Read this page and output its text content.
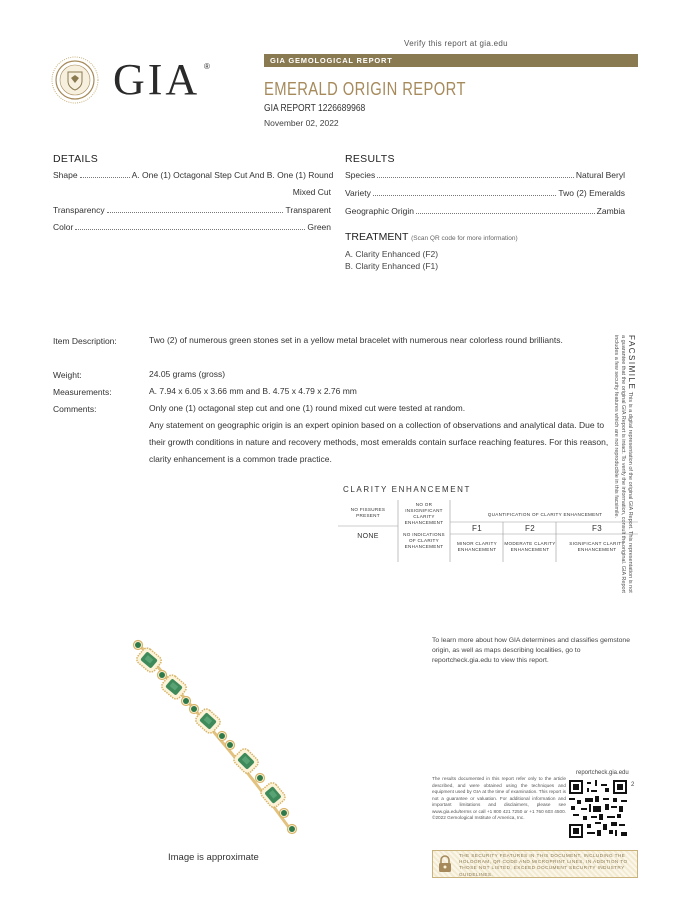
Verify this report at gia.edu
GIA ®
GIA GEMOLOGICAL REPORT
EMERALD ORIGIN REPORT
GIA REPORT 1226689968
November 02, 2022
DETAILS
Shape	A. One (1) Octagonal Step Cut And B. One (1) Round
Mixed Cut
Transparency	Transparent
Color	Green
RESULTS
Species	Natural Beryl
Variety	Two (2) Emeralds
Geographic Origin	Zambia
TREATMENT (Scan QR code for more information)
A. Clarity Enhanced (F2)
B. Clarity Enhanced (F1)
Item Description:	Two (2) of numerous green stones set in a yellow metal bracelet with numerous near colorless round brilliants.
Weight:	24.05 grams (gross)
Measurements:	A. 7.94 x 6.05 x 3.66 mm and B. 4.75 x 4.79 x 2.76 mm
Comments:	Only one (1) octagonal step cut and one (1) round mixed cut were tested at random.
Any statement on geographic origin is an expert opinion based on a collection of observations and analytical data. Due to their growth conditions in nature and recovery methods, most emeralds contain surface reaching features. For this reason, clarity enhancement is a common trade practice.
CLARITY ENHANCEMENT
NO FISSURES PRESENT
NO OR INSIGNIFICANT CLARITY ENHANCEMENT
QUANTIFICATION OF CLARITY ENHANCEMENT
F1	F2	F3
NONE	NO INDICATIONS OF CLARITY ENHANCEMENT
MINOR CLARITY ENHANCEMENT
MODERATE CLARITY ENHANCEMENT
SIGNIFICANT CLARITY ENHANCEMENT
FACSIMILE This is a digital representation of the original GIA Report. This representation is not a guarantee that the original GIA Report is intact. To verify the information, consult the original. GIA Report includes a few security features which are not reproducible in this facsimile.
Image is approximate
To learn more about how GIA determines and classifies gemstone origin, as well as maps describing localities, go to reportcheck.gia.edu to view this report.
The results documented in this report refer only to the article described, and were obtained using the techniques and equipment used by GIA at the time of examination. This report is not a guarantee or valuation. For additional information and important limitations and disclaimers, please see www.gia.edu/terms or call +1 800 421 7250 or +1 760 603 4500. ©2022 Gemological Institute of America, Inc.
reportcheck.gia.edu
2
THE SECURITY FEATURES IN THIS DOCUMENT, INCLUDING THE HOLOGRAM, QR CODE AND MICROPRINT LINES, IN ADDITION TO THOSE NOT LISTED, EXCEED DOCUMENT SECURITY INDUSTRY GUIDELINES.
